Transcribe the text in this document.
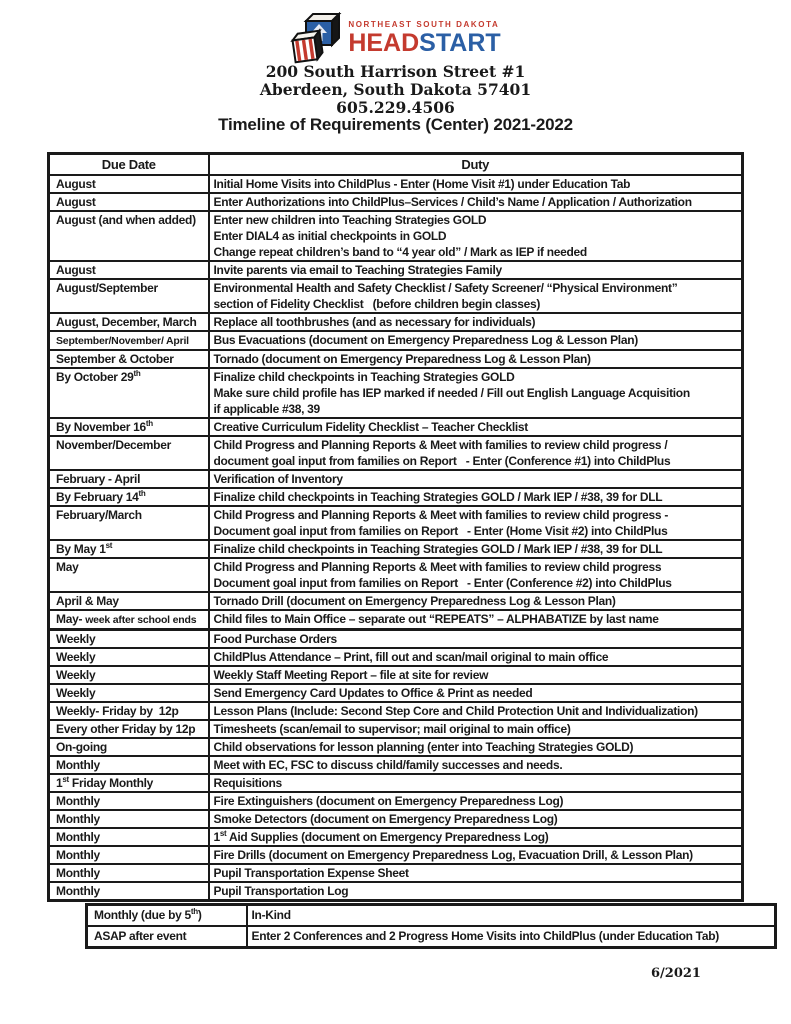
NORTHEAST SOUTH DAKOTA
HEADSTART
200 South Harrison Street #1
Aberdeen, South Dakota 57401
605.229.4506
Timeline of Requirements (Center) 2021-2022
Due Date	Duty

August	Initial Home Visits into ChildPlus - Enter (Home Visit #1) under Education Tab

August	Enter Authorizations into ChildPlus–Services / Child’s Name / Application / Authorization

August (and when added)	Enter new children into Teaching Strategies GOLD
Enter DIAL4 as initial checkpoints in GOLD
Change repeat children’s band to “4 year old” / Mark as IEP if needed

August	Invite parents via email to Teaching Strategies Family

August/September	Environmental Health and Safety Checklist / Safety Screener/ “Physical Environment”
section of Fidelity Checklist   (before children begin classes)

August, December, March	Replace all toothbrushes (and as necessary for individuals)

September/November/ April	Bus Evacuations (document on Emergency Preparedness Log & Lesson Plan)

September & October	Tornado (document on Emergency Preparedness Log & Lesson Plan)

By October 29th	Finalize child checkpoints in Teaching Strategies GOLD
Make sure child profile has IEP marked if needed / Fill out English Language Acquisition
if applicable #38, 39

By November 16th	Creative Curriculum Fidelity Checklist – Teacher Checklist

November/December	Child Progress and Planning Reports & Meet with families to review child progress /
document goal input from families on Report   - Enter (Conference #1) into ChildPlus

February - April	Verification of Inventory

By February 14th	Finalize child checkpoints in Teaching Strategies GOLD / Mark IEP / #38, 39 for DLL

February/March	Child Progress and Planning Reports & Meet with families to review child progress -
Document goal input from families on Report   - Enter (Home Visit #2) into ChildPlus

By May 1st	Finalize child checkpoints in Teaching Strategies GOLD / Mark IEP / #38, 39 for DLL

May	Child Progress and Planning Reports & Meet with families to review child progress
Document goal input from families on Report   - Enter (Conference #2) into ChildPlus

April & May	Tornado Drill (document on Emergency Preparedness Log & Lesson Plan)

May- week after school ends	Child files to Main Office – separate out “REPEATS” – ALPHABATIZE by last name

Weekly	Food Purchase Orders

Weekly	ChildPlus Attendance – Print, fill out and scan/mail original to main office

Weekly	Weekly Staff Meeting Report – file at site for review

Weekly	Send Emergency Card Updates to Office & Print as needed

Weekly- Friday by  12p	Lesson Plans (Include: Second Step Core and Child Protection Unit and Individualization)

Every other Friday by 12p	Timesheets (scan/email to supervisor; mail original to main office)

On-going	Child observations for lesson planning (enter into Teaching Strategies GOLD)

Monthly	Meet with EC, FSC to discuss child/family successes and needs.

1st Friday Monthly	Requisitions

Monthly	Fire Extinguishers (document on Emergency Preparedness Log)

Monthly	Smoke Detectors (document on Emergency Preparedness Log)

Monthly	1st Aid Supplies (document on Emergency Preparedness Log)

Monthly	Fire Drills (document on Emergency Preparedness Log, Evacuation Drill, & Lesson Plan)

Monthly	Pupil Transportation Expense Sheet

Monthly	Pupil Transportation Log
Monthly (due by 5th)	In-Kind

ASAP after event	Enter 2 Conferences and 2 Progress Home Visits into ChildPlus (under Education Tab)
6/2021
